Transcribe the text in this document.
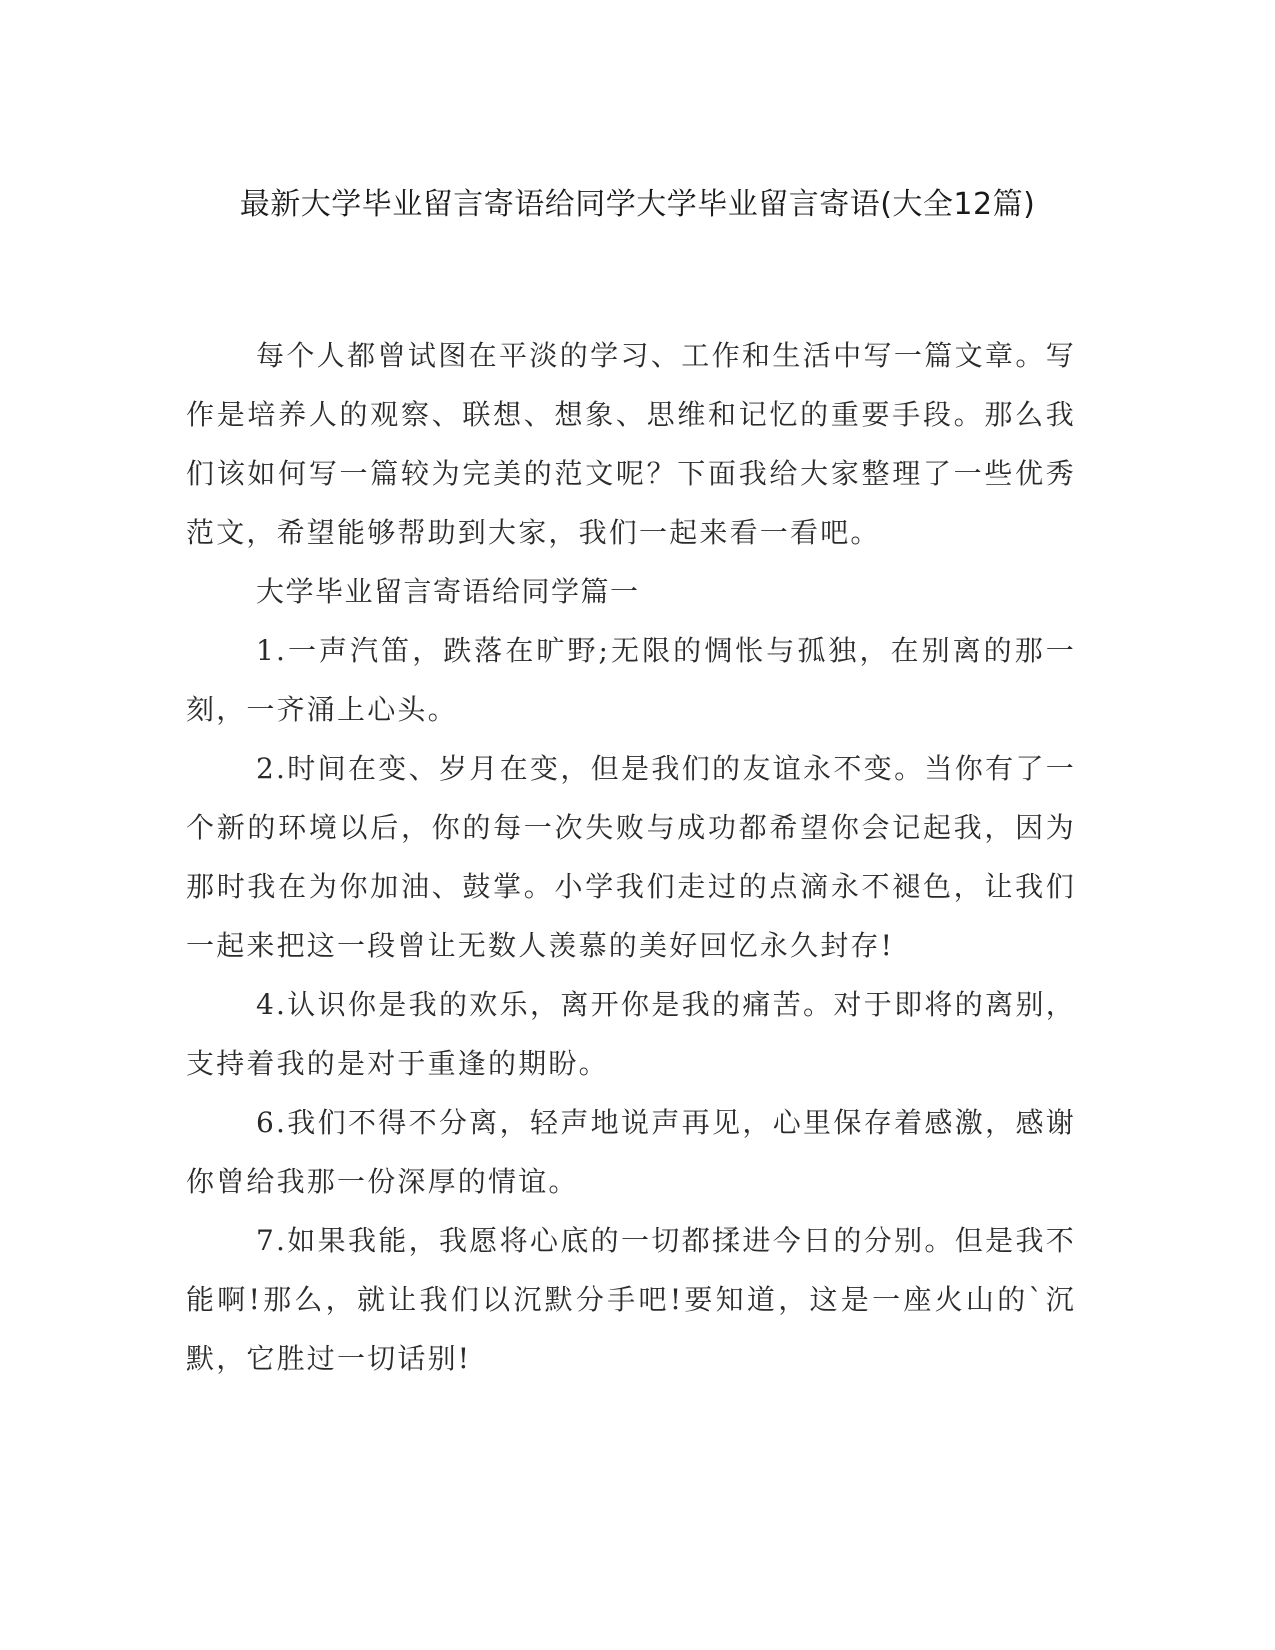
最新大学毕业留言寄语给同学大学毕业留言寄语(大全12篇)

每个人都曾试图在平淡的学习、工作和生活中写一篇文章。写作是培养人的观察、联想、想象、思维和记忆的重要手段。那么我们该如何写一篇较为完美的范文呢？下面我给大家整理了一些优秀范文，希望能够帮助到大家，我们一起来看一看吧。

大学毕业留言寄语给同学篇一

1.一声汽笛，跌落在旷野;无限的惆怅与孤独，在别离的那一刻，一齐涌上心头。

2.时间在变、岁月在变，但是我们的友谊永不变。当你有了一个新的环境以后，你的每一次失败与成功都希望你会记起我，因为那时我在为你加油、鼓掌。小学我们走过的点滴永不褪色，让我们一起来把这一段曾让无数人羡慕的美好回忆永久封存!

4.认识你是我的欢乐，离开你是我的痛苦。对于即将的离别，支持着我的是对于重逢的期盼。

6.我们不得不分离，轻声地说声再见，心里保存着感激，感谢你曾给我那一份深厚的情谊。

7.如果我能，我愿将心底的一切都揉进今日的分别。但是我不能啊!那么，就让我们以沉默分手吧!要知道，这是一座火山的`沉默，它胜过一切话别!
